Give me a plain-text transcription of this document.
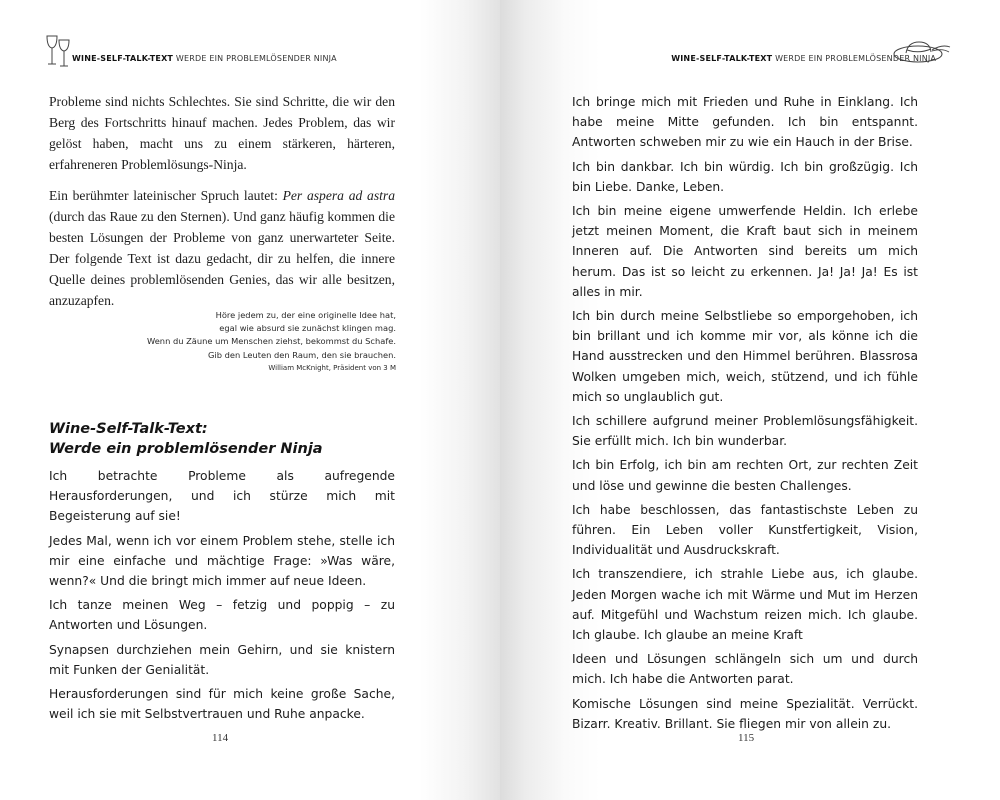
WINE-SELF-TALK-TEXT WERDE EIN PROBLEMLÖSENDER NINJA

Probleme sind nichts Schlechtes. Sie sind Schritte, die wir den Berg des Fortschritts hinauf machen. Jedes Problem, das wir gelöst haben, macht uns zu einem stärkeren, härteren, erfahreneren Problemlösungs-Ninja.

Ein berühmter lateinischer Spruch lautet: Per aspera ad astra (durch das Raue zu den Sternen). Und ganz häufig kommen die besten Lösungen der Probleme von ganz unerwarteter Seite. Der folgende Text ist dazu gedacht, dir zu helfen, die innere Quelle deines problemlösenden Genies, das wir alle besitzen, anzuzapfen.

Höre jedem zu, der eine originelle Idee hat,
egal wie absurd sie zunächst klingen mag.
Wenn du Zäune um Menschen ziehst, bekommst du Schafe.
Gib den Leuten den Raum, den sie brauchen.
William McKnight, Präsident von 3 M
Wine-Self-Talk-Text:
Werde ein problemlösender Ninja

Ich betrachte Probleme als aufregende Herausforderungen, und ich stürze mich mit Begeisterung auf sie!

Jedes Mal, wenn ich vor einem Problem stehe, stelle ich mir eine einfache und mächtige Frage: »Was wäre, wenn?« Und die bringt mich immer auf neue Ideen.

Ich tanze meinen Weg – fetzig und poppig – zu Antworten und Lösungen.

Synapsen durchziehen mein Gehirn, und sie knistern mit Funken der Genialität.

Herausforderungen sind für mich keine große Sache, weil ich sie mit Selbstvertrauen und Ruhe anpacke.

114
WINE-SELF-TALK-TEXT WERDE EIN PROBLEMLÖSENDER NINJA

Ich bringe mich mit Frieden und Ruhe in Einklang. Ich habe meine Mitte gefunden. Ich bin entspannt. Antworten schweben mir zu wie ein Hauch in der Brise.

Ich bin dankbar. Ich bin würdig. Ich bin großzügig. Ich bin Liebe. Danke, Leben.

Ich bin meine eigene umwerfende Heldin. Ich erlebe jetzt meinen Moment, die Kraft baut sich in meinem Inneren auf. Die Antworten sind bereits um mich herum. Das ist so leicht zu erkennen. Ja! Ja! Ja! Es ist alles in mir.

Ich bin durch meine Selbstliebe so emporgehoben, ich bin brillant und ich komme mir vor, als könne ich die Hand ausstrecken und den Himmel berühren. Blassrosa Wolken umgeben mich, weich, stützend, und ich fühle mich so unglaublich gut.

Ich schillere aufgrund meiner Problemlösungsfähigkeit. Sie erfüllt mich. Ich bin wunderbar.

Ich bin Erfolg, ich bin am rechten Ort, zur rechten Zeit und löse und gewinne die besten Challenges.

Ich habe beschlossen, das fantastischste Leben zu führen. Ein Leben voller Kunstfertigkeit, Vision, Individualität und Ausdruckskraft.

Ich transzendiere, ich strahle Liebe aus, ich glaube. Jeden Morgen wache ich mit Wärme und Mut im Herzen auf. Mitgefühl und Wachstum reizen mich. Ich glaube. Ich glaube. Ich glaube an meine Kraft

Ideen und Lösungen schlängeln sich um und durch mich. Ich habe die Antworten parat.

Komische Lösungen sind meine Spezialität. Verrückt. Bizarr. Kreativ. Brillant. Sie fliegen mir von allein zu.

115
